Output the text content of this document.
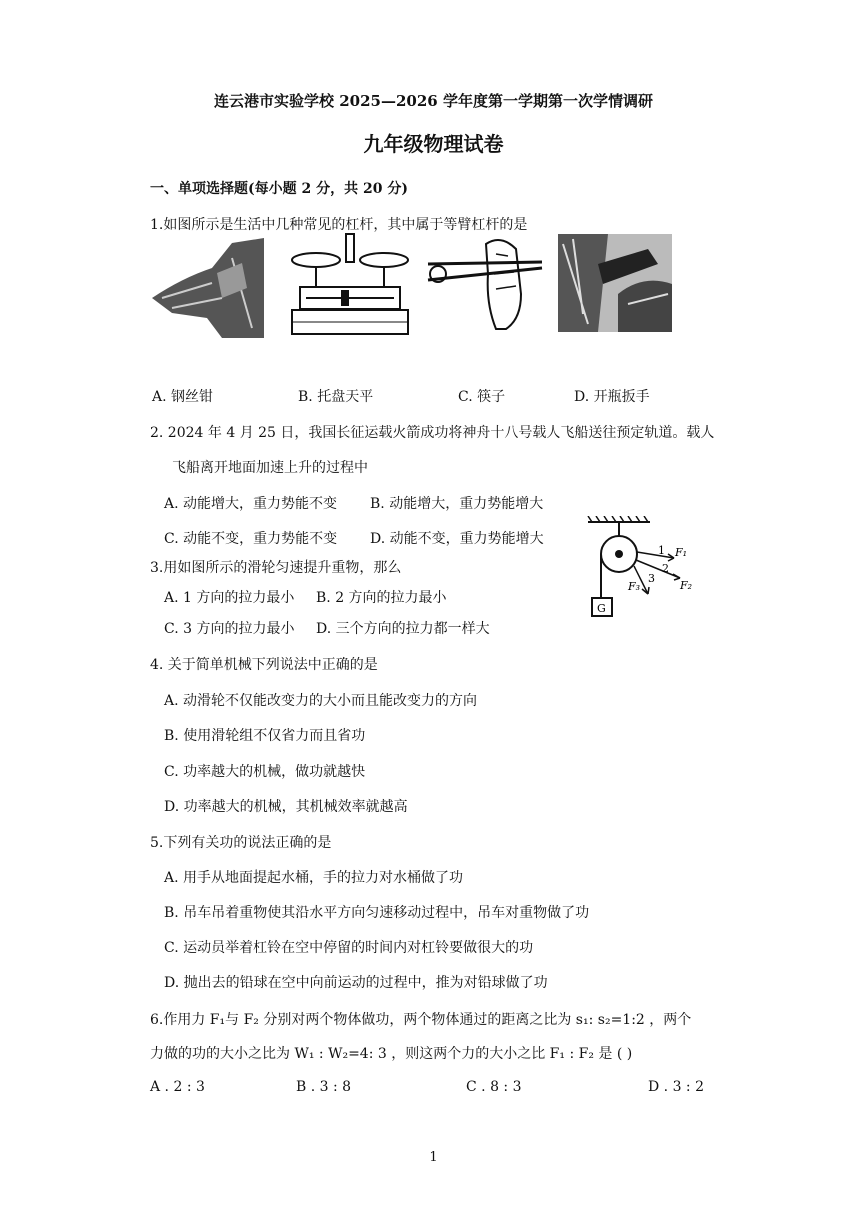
连云港市实验学校 2025—2026 学年度第一学期第一次学情调研
九年级物理试卷
一、单项选择题(每小题 2 分，共 20 分)
1.如图所示是生活中几种常见的杠杆，其中属于等臂杠杆的是
A. 钢丝钳	B. 托盘天平	C. 筷子	D. 开瓶扳手
2. 2024 年 4 月 25 日，我国长征运载火箭成功将神舟十八号载人飞船送往预定轨道。载人
飞船离开地面加速上升的过程中
A. 动能增大，重力势能不变 B. 动能增大，重力势能增大
C. 动能不变，重力势能不变 D. 动能不变，重力势能增大
F₁
F₂
F₃
1
2
3
G
3.用如图所示的滑轮匀速提升重物，那么
A. 1 方向的拉力最小 B. 2 方向的拉力最小
C. 3 方向的拉力最小 D. 三个方向的拉力都一样大
4. 关于简单机械下列说法中正确的是
A. 动滑轮不仅能改变力的大小而且能改变力的方向
B. 使用滑轮组不仅省力而且省功
C. 功率越大的机械，做功就越快
D. 功率越大的机械，其机械效率就越高
5.下列有关功的说法正确的是
A. 用手从地面提起水桶，手的拉力对水桶做了功
B. 吊车吊着重物使其沿水平方向匀速移动过程中，吊车对重物做了功
C. 运动员举着杠铃在空中停留的时间内对杠铃要做很大的功
D. 抛出去的铅球在空中向前运动的过程中，推为对铅球做了功
6.作用力 F₁与 F₂ 分别对两个物体做功，两个物体通过的距离之比为 s₁: s₂=1:2 ，两个
力做的功的大小之比为 W₁ : W₂=4: 3 ，则这两个力的大小之比 F₁ : F₂ 是 ( )
A . 2 : 3	B . 3 : 8	C . 8 : 3	D . 3 : 2
1
